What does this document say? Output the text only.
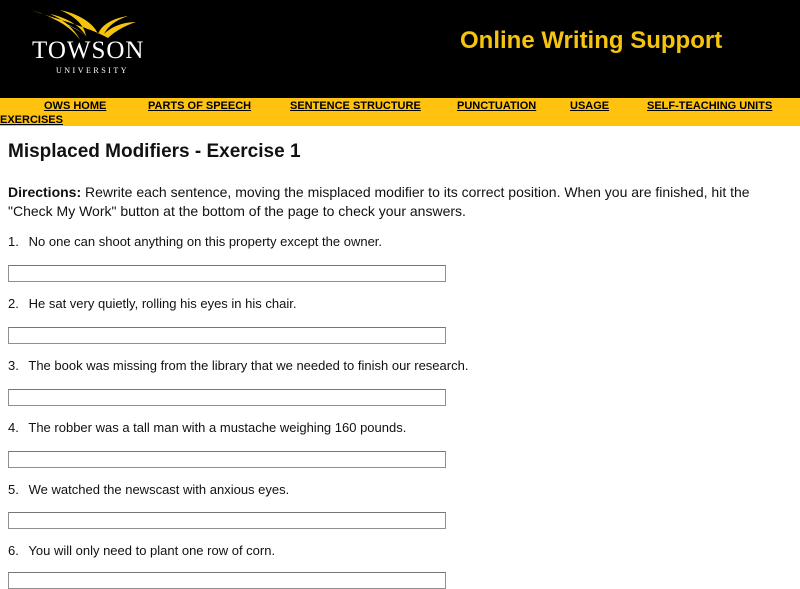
TOWSON
UNIVERSITY
Online Writing Support
OWS HOME	PARTS OF SPEECH	SENTENCE STRUCTURE	PUNCTUATION	USAGE	SELF-TEACHING UNITS
EXERCISES
Misplaced Modifiers - Exercise 1

Directions: Rewrite each sentence, moving the misplaced modifier to its correct position. When you are finished, hit the "Check My Work" button at the bottom of the page to check your answers.

1. No one can shoot anything on this property except the owner.
2. He sat very quietly, rolling his eyes in his chair.
3. The book was missing from the library that we needed to finish our research.
4. The robber was a tall man with a mustache weighing 160 pounds.
5. We watched the newscast with anxious eyes.
6. You will only need to plant one row of corn.
